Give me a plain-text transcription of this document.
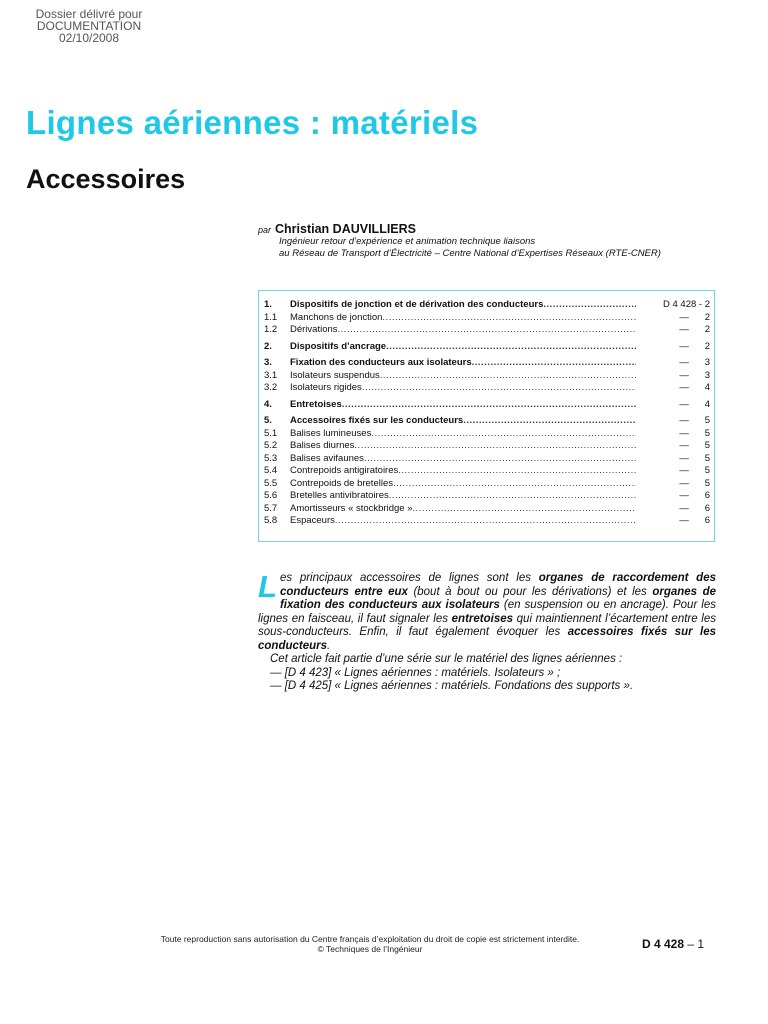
Dossier délivré pour
DOCUMENTATION
02/10/2008
Lignes aériennes : matériels
Accessoires
par Christian DAUVILLIERS
Ingénieur retour d’expérience et animation technique liaisons
au Réseau de Transport d’Électricité – Centre National d’Expertises Réseaux (RTE-CNER)
1.	Dispositifs de jonction et de dérivation des conducteurs .....	D 4 428 - 2
1.1	Manchons de jonction .....	—      2
1.2	Dérivations .....	—      2
2.	Dispositifs d’ancrage .....	—      2
3.	Fixation des conducteurs aux isolateurs .....	—      3
3.1	Isolateurs suspendus .....	—      3
3.2	Isolateurs rigides .....	—      4
4.	Entretoises .....	—      4
5.	Accessoires fixés sur les conducteurs .....	—      5
5.1	Balises lumineuses .....	—      5
5.2	Balises diurnes .....	—      5
5.3	Balises avifaunes .....	—      5
5.4	Contrepoids antigiratoires .....	—      5
5.5	Contrepoids de bretelles .....	—      5
5.6	Bretelles antivibratoires .....	—      6
5.7	Amortisseurs « stockbridge » .....	—      6
5.8	Espaceurs .....	—      6

Les principaux accessoires de lignes sont les organes de raccordement des conducteurs entre eux (bout à bout ou pour les dérivations) et les organes de fixation des conducteurs aux isolateurs (en suspension ou en ancrage). Pour les lignes en faisceau, il faut signaler les entretoises qui maintiennent l’écartement entre les sous-conducteurs. Enfin, il faut également évoquer les accessoires fixés sur les conducteurs.

Cet article fait partie d’une série sur le matériel des lignes aériennes :

— [D 4 423] « Lignes aériennes : matériels. Isolateurs » ;

— [D 4 425] « Lignes aériennes : matériels. Fondations des supports ».

Toute reproduction sans autorisation du Centre français d’exploitation du droit de copie est strictement interdite.
© Techniques de l’Ingénieur	D 4 428 – 1
